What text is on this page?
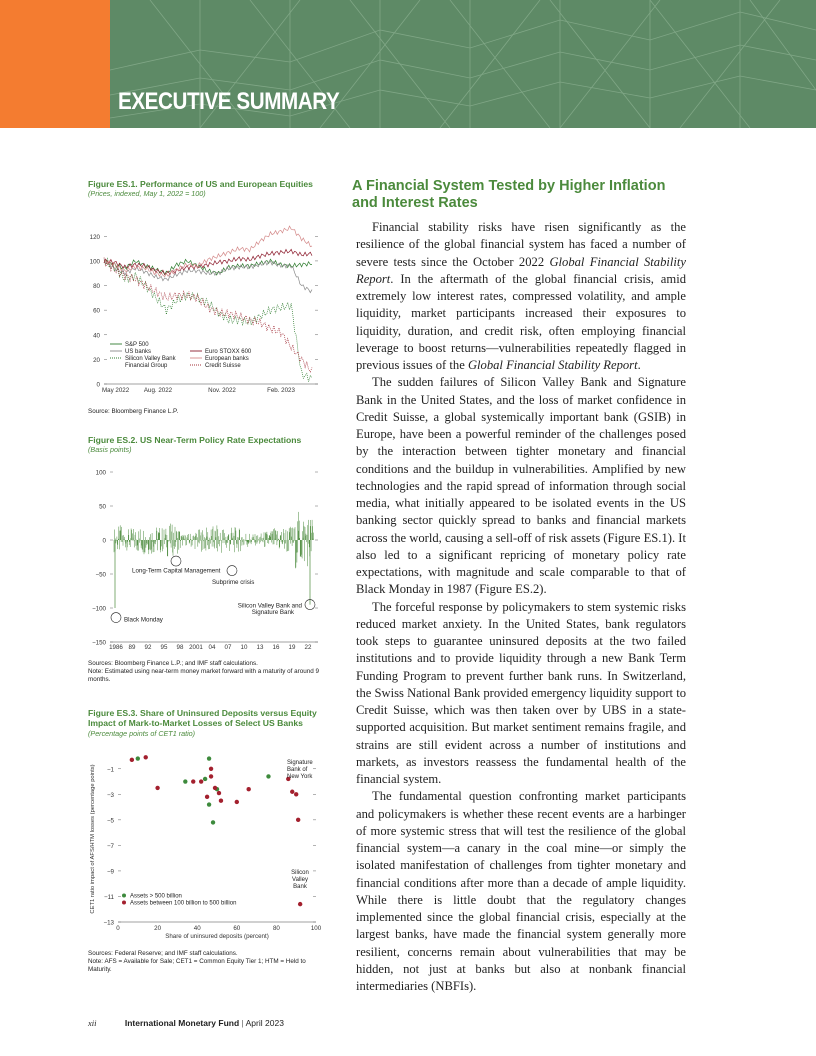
EXECUTIVE SUMMARY
Figure ES.1. Performance of US and European Equities
(Prices, indexed, May 1, 2022 = 100)
0
20
40
60
80
100
120
May 2022 Aug. 2022	Nov. 2022	Feb. 2023
S&P 500
US banks
Silicon Valley Bank
Financial Group
Euro STOXX 600
European banks
Credit Suisse
Source: Bloomberg Finance L.P.
Figure ES.2. US Near-Term Policy Rate Expectations
(Basis points)
100
50
0
−50
−100
−150
1986 89 92 95 98 2001 04 07 10 13 16 19 22
Long-Term Capital Management
Subprime crisis
Black Monday
Silicon Valley Bank and
Signature Bank
Sources: Bloomberg Finance L.P.; and IMF staff calculations.
Note: Estimated using near-term money market forward with a maturity of around 9 months.
Figure ES.3. Share of Uninsured Deposits versus Equity Impact of Mark-to-Market Losses of Select US Banks
(Percentage points of CET1 ratio)
−1
−3
−5
−7
−9
−11
−13
0	20	40	60	80	100
Share of uninsured deposits (percent)
CET1 ratio impact of AFS/HTM losses (percentage points)
Signature
Bank of
New York
Silicon
Valley
Bank
Assets > 500 billion
Assets between 100 billion to 500 billion
Sources: Federal Reserve; and IMF staff calculations.
Note: AFS = Available for Sale; CET1 = Common Equity Tier 1; HTM = Held to Maturity.
A Financial System Tested by Higher Inflation and Interest Rates

Financial stability risks have risen significantly as the resilience of the global financial system has faced a number of severe tests since the October 2022 Global Financial Stability Report. In the aftermath of the global financial crisis, amid extremely low interest rates, compressed volatility, and ample liquidity, market participants increased their exposures to liquidity, duration, and credit risk, often employing financial leverage to boost returns—vulnerabilities repeatedly flagged in previous issues of the Global Financial Stability Report.

The sudden failures of Silicon Valley Bank and Signature Bank in the United States, and the loss of market confidence in Credit Suisse, a global systemically important bank (GSIB) in Europe, have been a powerful reminder of the challenges posed by the interaction between tighter monetary and financial conditions and the buildup in vulnerabilities. Amplified by new technologies and the rapid spread of information through social media, what initially appeared to be isolated events in the US banking sector quickly spread to banks and financial markets across the world, causing a sell-off of risk assets (Figure ES.1). It also led to a significant repricing of monetary policy rate expectations, with magnitude and scale comparable to that of Black Monday in 1987 (Figure ES.2).

The forceful response by policymakers to stem systemic risks reduced market anxiety. In the United States, bank regulators took steps to guarantee uninsured deposits at the two failed institutions and to provide liquidity through a new Bank Term Funding Program to prevent further bank runs. In Switzerland, the Swiss National Bank provided emergency liquidity support to Credit Suisse, which was then taken over by UBS in a state-supported acquisition. But market sentiment remains fragile, and strains are still evident across a number of institutions and markets, as investors reassess the fundamental health of the financial system.

The fundamental question confronting market participants and policymakers is whether these recent events are a harbinger of more systemic stress that will test the resilience of the global financial system—a canary in the coal mine—or simply the isolated manifestation of challenges from tighter monetary and financial conditions after more than a decade of ample liquidity. While there is little doubt that the regulatory changes implemented since the global financial crisis, especially at the largest banks, have made the financial system generally more resilient, concerns remain about vulnerabilities that may be hidden, not just at banks but also at nonbank financial intermediaries (NBFIs).

xii	International Monetary Fund | April 2023
